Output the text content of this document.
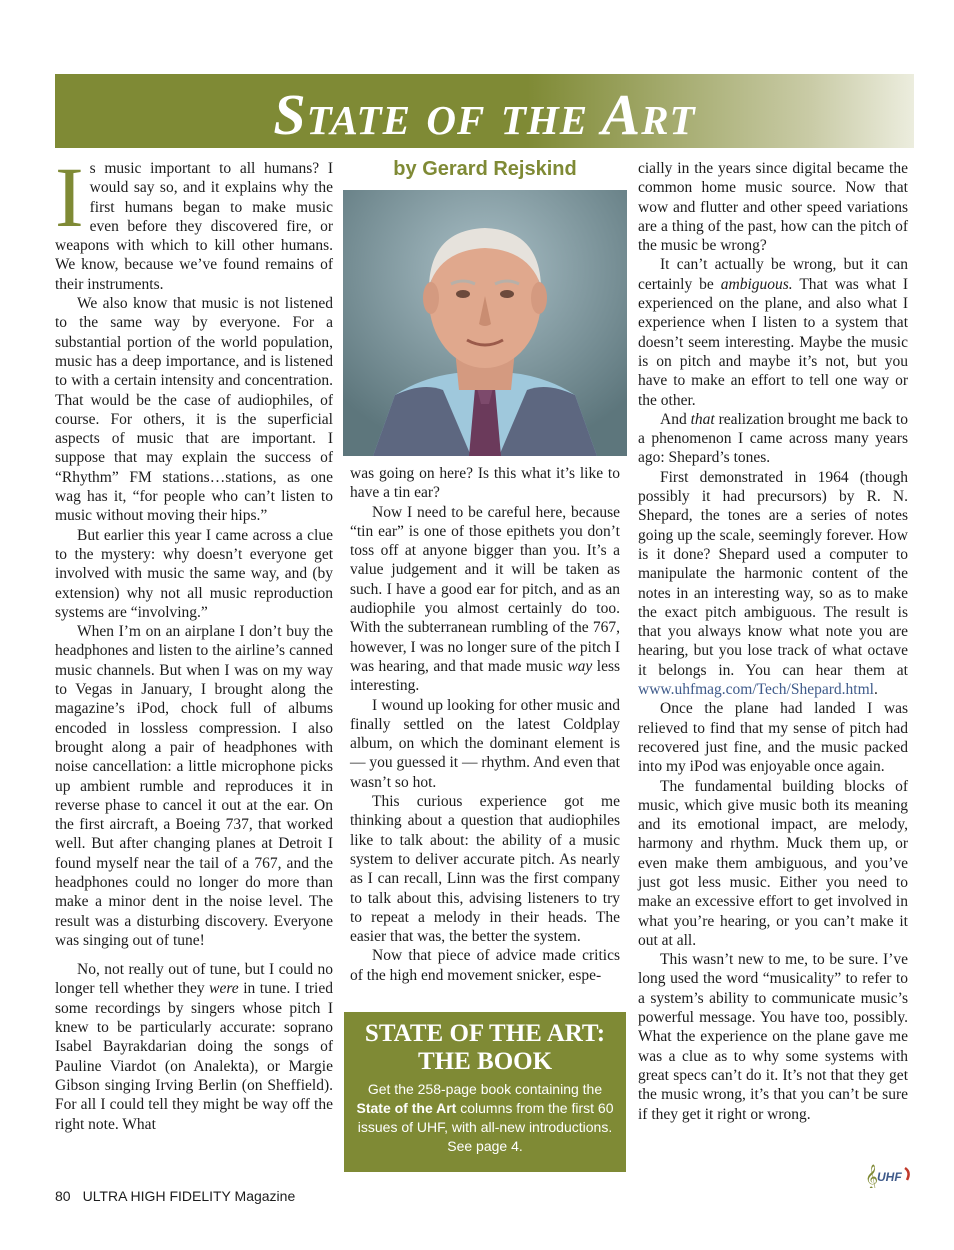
State of the Art

Is music important to all humans? I would say so, and it explains why the first humans began to make music even before they discovered fire, or weapons with which to kill other humans. We know, because we’ve found remains of their instruments.

We also know that music is not listened to the same way by everyone. For a substantial portion of the world population, music has a deep importance, and is listened to with a certain intensity and concentration. That would be the case of audiophiles, of course. For others, it is the superficial aspects of music that are important. I suppose that may explain the success of “Rhythm” FM stations…stations, as one wag has it, “for people who can’t listen to music without moving their hips.”

But earlier this year I came across a clue to the mystery: why doesn’t everyone get involved with music the same way, and (by extension) why not all music reproduction systems are “involving.”

When I’m on an airplane I don’t buy the headphones and listen to the airline’s canned music channels. But when I was on my way to Vegas in January, I brought along the magazine’s iPod, chock full of albums encoded in lossless compression. I also brought along a pair of headphones with noise cancellation: a little microphone picks up ambient rumble and reproduces it in reverse phase to cancel it out at the ear. On the first aircraft, a Boeing 737, that worked well. But after changing planes at Detroit I found myself near the tail of a 767, and the headphones could no longer do more than make a minor dent in the noise level. The result was a disturbing discovery. Everyone was singing out of tune!

No, not really out of tune, but I could no longer tell whether they were in tune. I tried some recordings by singers whose pitch I knew to be particularly accurate: soprano Isabel Bayrakdarian doing the songs of Pauline Viardot (on Analekta), or Margie Gibson singing Irving Berlin (on Sheffield). For all I could tell they might be way off the right note. What

by Gerard Rejskind

was going on here? Is this what it’s like to have a tin ear?

Now I need to be careful here, because “tin ear” is one of those epithets you don’t toss off at anyone bigger than you. It’s a value judgement and it will be taken as such. I have a good ear for pitch, and as an audiophile you almost certainly do too. With the subterranean rumbling of the 767, however, I was no longer sure of the pitch I was hearing, and that made music way less interesting.

I wound up looking for other music and finally settled on the latest Coldplay album, on which the dominant element is — you guessed it — rhythm. And even that wasn’t so hot.

This curious experience got me thinking about a question that audiophiles like to talk about: the ability of a music system to deliver accurate pitch. As nearly as I can recall, Linn was the first company to talk about this, advising listeners to try to repeat a melody in their heads. The easier that was, the better the system.

Now that piece of advice made critics of the high end movement snicker, espe-

STATE OF THE ART:
THE BOOK
Get the 258-page book containing the State of the Art columns from the first 60 issues of UHF, with all-new introductions. See page 4.

cially in the years since digital became the common home music source. Now that wow and flutter and other speed variations are a thing of the past, how can the pitch of the music be wrong?

It can’t actually be wrong, but it can certainly be ambiguous. That was what I experienced on the plane, and also what I experience when I listen to a system that doesn’t seem interesting. Maybe the music is on pitch and maybe it’s not, but you have to make an effort to tell one way or the other.

And that realization brought me back to a phenomenon I came across many years ago: Shepard’s tones.

First demonstrated in 1964 (though possibly it had precursors) by R. N. Shepard, the tones are a series of notes going up the scale, seemingly forever. How is it done? Shepard used a computer to manipulate the harmonic content of the notes in an interesting way, so as to make the exact pitch ambiguous. The result is that you always know what note you are hearing, but you lose track of what octave it belongs in. You can hear them at www.uhfmag.com/Tech/Shepard.html.

Once the plane had landed I was relieved to find that my sense of pitch had recovered just fine, and the music packed into my iPod was enjoyable once again.

The fundamental building blocks of music, which give music both its meaning and its emotional impact, are melody, harmony and rhythm. Muck them up, or even make them ambiguous, and you’ve just got less music. Either you need to make an excessive effort to get involved in what you’re hearing, or you can’t make it out at all.

This wasn’t new to me, to be sure. I’ve long used the word “musicality” to refer to a system’s ability to communicate music’s powerful message. You have too, possibly. What the experience on the plane gave me was a clue as to why some systems with great specs can’t do it. It’s not that they get the music wrong, it’s that you can’t be sure if they get it right or wrong.

𝄞
UHF
80 ULTRA HIGH FIDELITY Magazine
